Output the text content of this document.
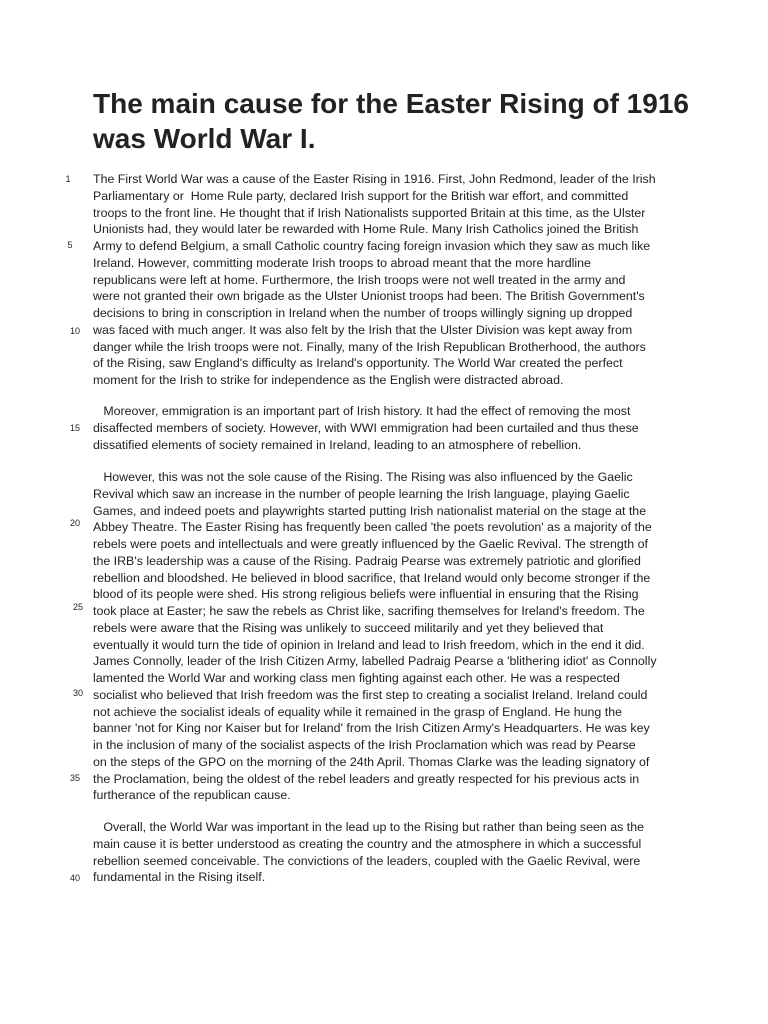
The main cause for the Easter Rising of 1916 was World War I.
1
5
10
15
20
25
30
35
40
The First World War was a cause of the Easter Rising in 1916. First, John Redmond, leader of the Irish
Parliamentary or  Home Rule party, declared Irish support for the British war effort, and committed
troops to the front line. He thought that if Irish Nationalists supported Britain at this time, as the Ulster
Unionists had, they would later be rewarded with Home Rule. Many Irish Catholics joined the British
Army to defend Belgium, a small Catholic country facing foreign invasion which they saw as much like
Ireland. However, committing moderate Irish troops to abroad meant that the more hardline
republicans were left at home. Furthermore, the Irish troops were not well treated in the army and
were not granted their own brigade as the Ulster Unionist troops had been. The British Government's
decisions to bring in conscription in Ireland when the number of troops willingly signing up dropped
was faced with much anger. It was also felt by the Irish that the Ulster Division was kept away from
danger while the Irish troops were not. Finally, many of the Irish Republican Brotherhood, the authors
of the Rising, saw England's difficulty as Ireland's opportunity. The World War created the perfect
moment for the Irish to strike for independence as the English were distracted abroad.
Moreover, emmigration is an important part of Irish history. It had the effect of removing the most
disaffected members of society. However, with WWI emmigration had been curtailed and thus these
dissatified elements of society remained in Ireland, leading to an atmosphere of rebellion.
However, this was not the sole cause of the Rising. The Rising was also influenced by the Gaelic
Revival which saw an increase in the number of people learning the Irish language, playing Gaelic
Games, and indeed poets and playwrights started putting Irish nationalist material on the stage at the
Abbey Theatre. The Easter Rising has frequently been called 'the poets revolution' as a majority of the
rebels were poets and intellectuals and were greatly influenced by the Gaelic Revival. The strength of
the IRB's leadership was a cause of the Rising. Padraig Pearse was extremely patriotic and glorified
rebellion and bloodshed. He believed in blood sacrifice, that Ireland would only become stronger if the
blood of its people were shed. His strong religious beliefs were influential in ensuring that the Rising
took place at Easter; he saw the rebels as Christ like, sacrifing themselves for Ireland's freedom. The
rebels were aware that the Rising was unlikely to succeed militarily and yet they believed that
eventually it would turn the tide of opinion in Ireland and lead to Irish freedom, which in the end it did.
James Connolly, leader of the Irish Citizen Army, labelled Padraig Pearse a 'blithering idiot' as Connolly
lamented the World War and working class men fighting against each other. He was a respected
socialist who believed that Irish freedom was the first step to creating a socialist Ireland. Ireland could
not achieve the socialist ideals of equality while it remained in the grasp of England. He hung the
banner 'not for King nor Kaiser but for Ireland' from the Irish Citizen Army's Headquarters. He was key
in the inclusion of many of the socialist aspects of the Irish Proclamation which was read by Pearse
on the steps of the GPO on the morning of the 24th April. Thomas Clarke was the leading signatory of
the Proclamation, being the oldest of the rebel leaders and greatly respected for his previous acts in
furtherance of the republican cause.
Overall, the World War was important in the lead up to the Rising but rather than being seen as the
main cause it is better understood as creating the country and the atmosphere in which a successful
rebellion seemed conceivable. The convictions of the leaders, coupled with the Gaelic Revival, were
fundamental in the Rising itself.
